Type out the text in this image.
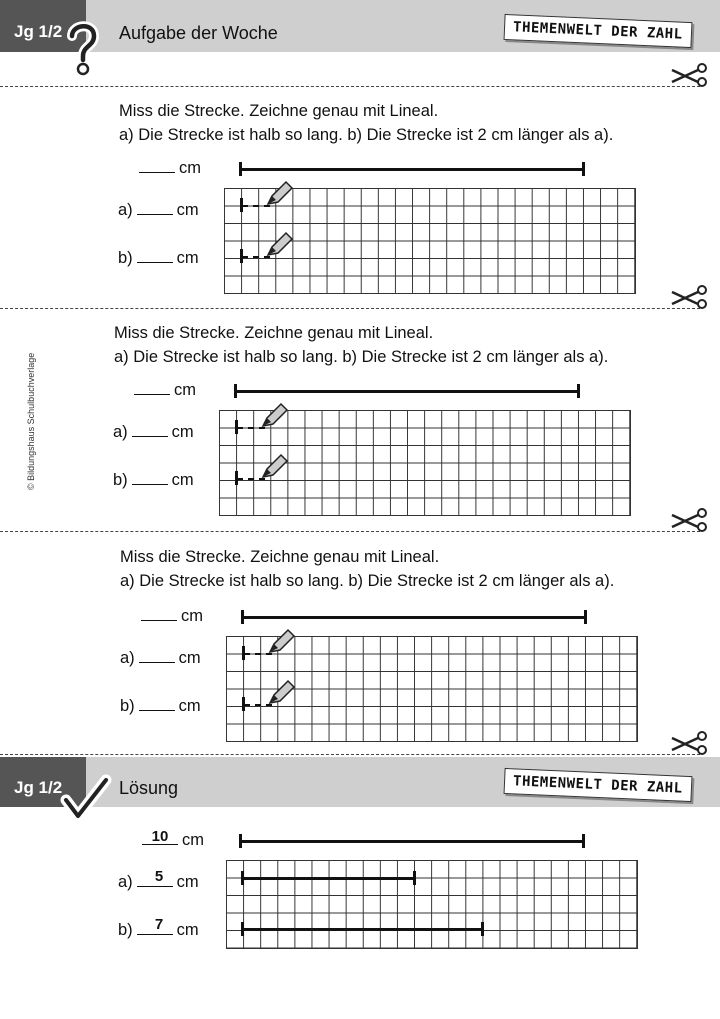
Jg 1/2	Aufgabe der Woche	THEMENWELT DER ZAHL
Miss die Strecke. Zeichne genau mit Lineal.
a) Die Strecke ist halb so lang. b) Die Strecke ist 2 cm länger als a).
cm
a)	cm
b)	cm
Miss die Strecke. Zeichne genau mit Lineal.
a) Die Strecke ist halb so lang. b) Die Strecke ist 2 cm länger als a).
cm
a)	cm
b)	cm
Miss die Strecke. Zeichne genau mit Lineal.
a) Die Strecke ist halb so lang. b) Die Strecke ist 2 cm länger als a).
cm
a)	cm
b)	cm
Jg 1/2	Lösung	THEMENWELT DER ZAHL
cm
10
a)	cm
5
b)	cm
7
© Bildungshaus Schulbuchverlage
